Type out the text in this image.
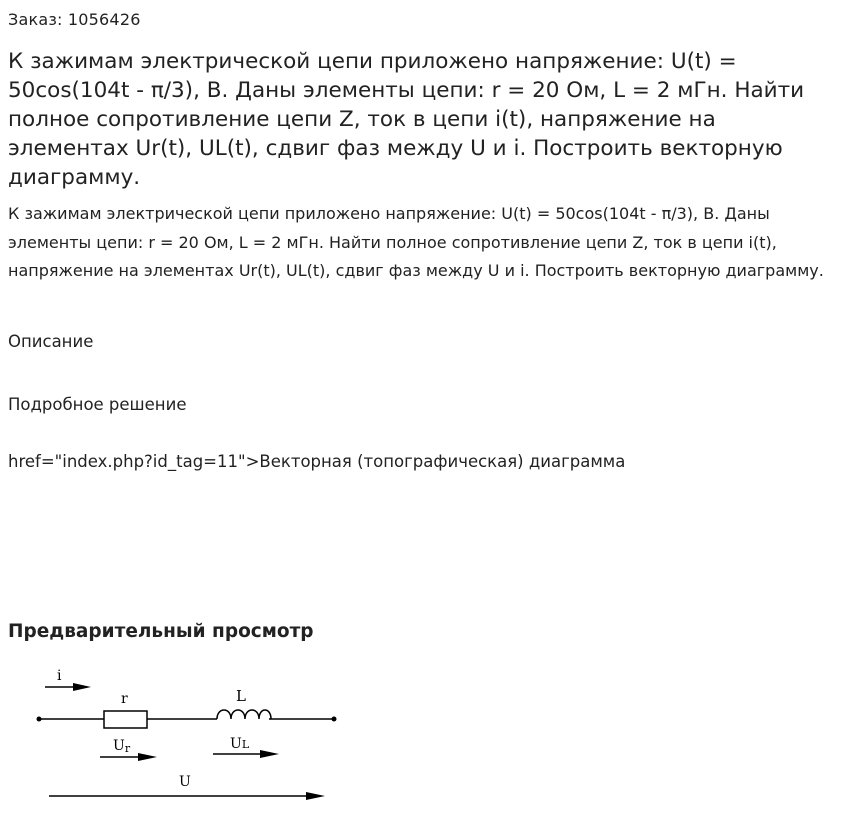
Заказ: 1056426
К зажимам электрической цепи приложено напряжение: U(t) = 50cos(104t - π/3), В. Даны элементы цепи: r = 20 Ом, L = 2 мГн. Найти полное сопротивление цепи Z, ток в цепи i(t), напряжение на элементах Ur(t), UL(t), сдвиг фаз между U и i. Построить векторную диаграмму.

К зажимам электрической цепи приложено напряжение: U(t) = 50cos(104t - π/3), В. Даны элементы цепи: r = 20 Ом, L = 2 мГн. Найти полное сопротивление цепи Z, ток в цепи i(t), напряжение на элементах Ur(t), UL(t), сдвиг фаз между U и i. Построить векторную диаграмму.

Описание
Подробное решение
href="index.php?id_tag=11">Векторная (топографическая) диаграмма
Предварительный просмотр
i
r	L
Ur	UL
U
